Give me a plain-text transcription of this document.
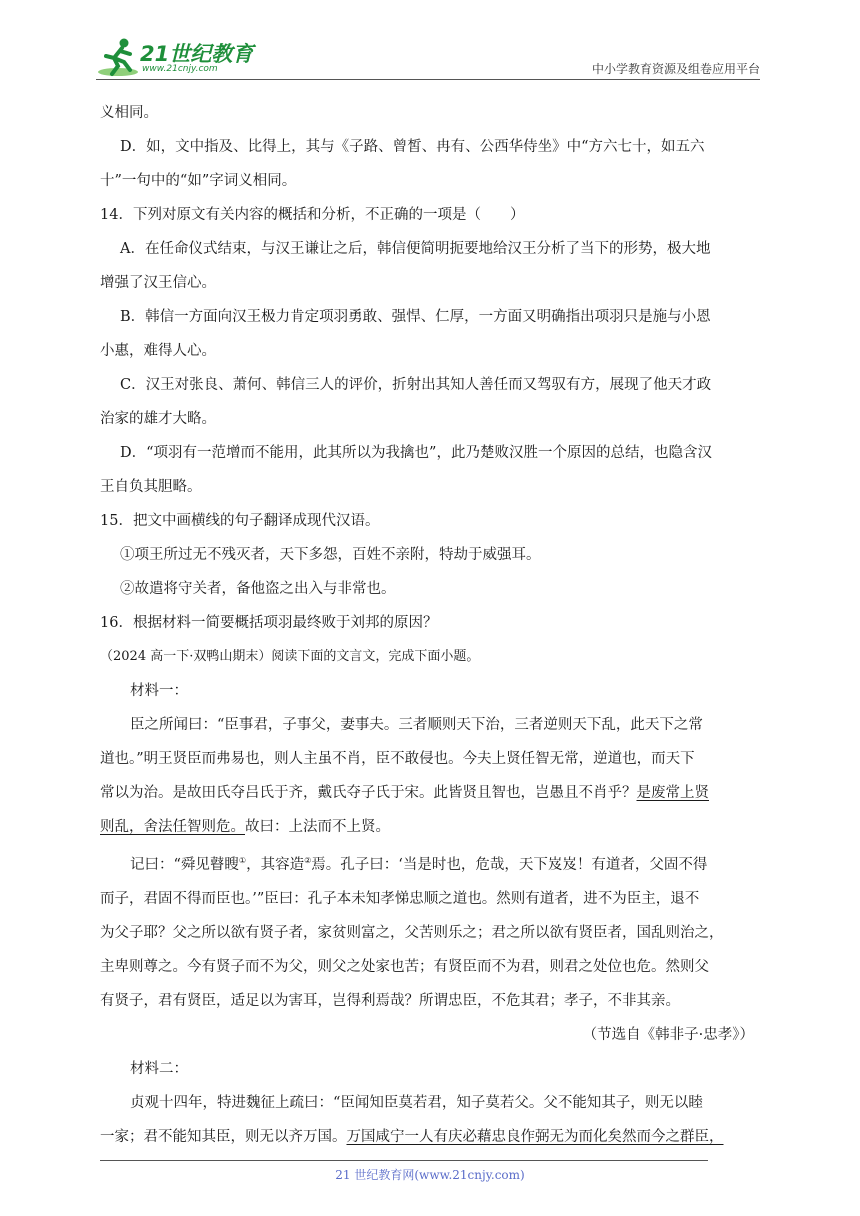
21世纪教育
www.21cnjy.com	中小学教育资源及组卷应用平台

义相同。

D．如，文中指及、比得上，其与《子路、曾皙、冉有、公西华侍坐》中“方六七十，如五六

十”一句中的“如”字词义相同。

14．下列对原文有关内容的概括和分析，不正确的一项是（　　）

A．在任命仪式结束，与汉王谦让之后，韩信便简明扼要地给汉王分析了当下的形势，极大地

增强了汉王信心。

B．韩信一方面向汉王极力肯定项羽勇敢、强悍、仁厚，一方面又明确指出项羽只是施与小恩

小惠，难得人心。

C．汉王对张良、萧何、韩信三人的评价，折射出其知人善任而又驾驭有方，展现了他天才政

治家的雄才大略。

D．“项羽有一范增而不能用，此其所以为我擒也”，此乃楚败汉胜一个原因的总结，也隐含汉

王自负其胆略。

15．把文中画横线的句子翻译成现代汉语。

①项王所过无不残灭者，天下多怨，百姓不亲附，特劫于威强耳。

②故遣将守关者，备他盗之出入与非常也。

16．根据材料一简要概括项羽最终败于刘邦的原因？

（2024 高一下·双鸭山期末）阅读下面的文言文，完成下面小题。

材料一：

臣之所闻曰：“臣事君，子事父，妻事夫。三者顺则天下治，三者逆则天下乱，此天下之常

道也。”明王贤臣而弗易也，则人主虽不肖，臣不敢侵也。今夫上贤任智无常，逆道也，而天下

常以为治。是故田氏夺吕氏于齐，戴氏夺子氏于宋。此皆贤且智也，岂愚且不肖乎？是废常上贤

则乱，舍法任智则危。故曰：上法而不上贤。

记曰：“舜见瞽瞍①，其容造②焉。孔子曰：‘当是时也，危哉，天下岌岌！有道者，父固不得

而子，君固不得而臣也。’”臣曰：孔子本未知孝悌忠顺之道也。然则有道者，进不为臣主，退不

为父子耶？父之所以欲有贤子者，家贫则富之，父苦则乐之；君之所以欲有贤臣者，国乱则治之，

主卑则尊之。今有贤子而不为父，则父之处家也苦；有贤臣而不为君，则君之处位也危。然则父

有贤子，君有贤臣，适足以为害耳，岂得利焉哉？所谓忠臣，不危其君；孝子，不非其亲。

（节选自《韩非子·忠孝》）

材料二：

贞观十四年，特进魏征上疏曰：“臣闻知臣莫若君，知子莫若父。父不能知其子，则无以睦

一家；君不能知其臣，则无以齐万国。万国咸宁一人有庆必藉忠良作弼无为而化矣然而今之群臣，

21 世纪教育网(www.21cnjy.com)
